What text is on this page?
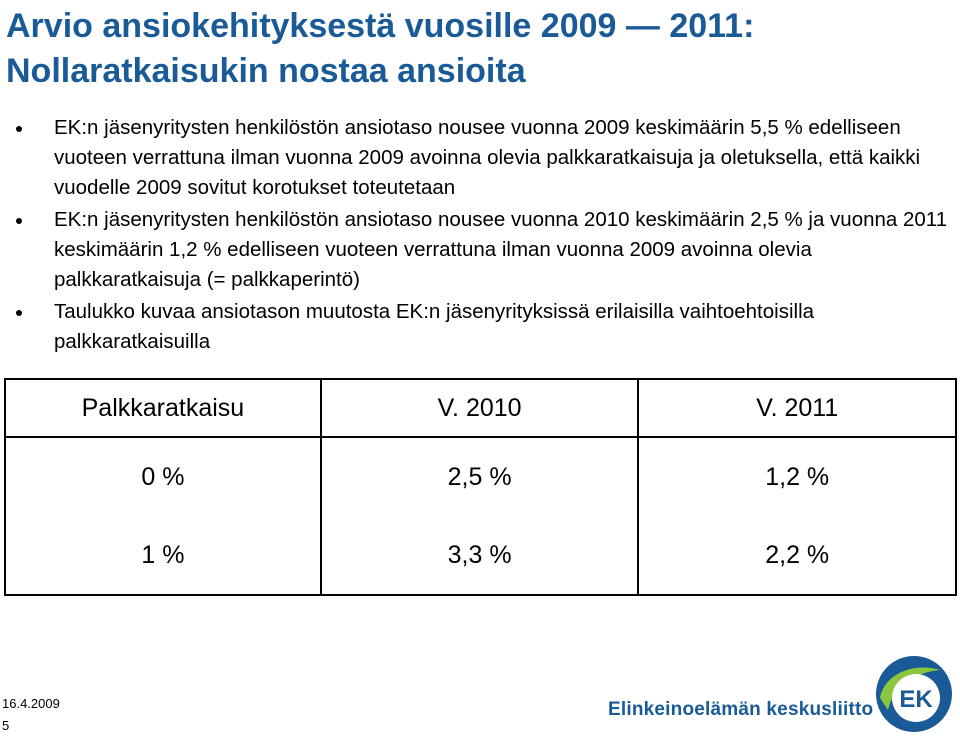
Arvio ansiokehityksestä vuosille 2009 — 2011:
Nollaratkaisukin nostaa ansioita
EK:n jäsenyritysten henkilöstön ansiotaso nousee vuonna 2009 keskimäärin 5,5 % edelliseen vuoteen verrattuna ilman vuonna 2009 avoinna olevia palkkaratkaisuja ja oletuksella, että kaikki vuodelle 2009 sovitut korotukset toteutetaan
EK:n jäsenyritysten henkilöstön ansiotaso nousee vuonna 2010 keskimäärin 2,5 % ja vuonna 2011 keskimäärin 1,2 % edelliseen vuoteen verrattuna ilman vuonna 2009 avoinna olevia palkkaratkaisuja (= palkkaperintö)
Taulukko kuvaa ansiotason muutosta EK:n jäsenyrityksissä erilaisilla vaihtoehtoisilla palkkaratkaisuilla
Palkkaratkaisu	V. 2010	V. 2011
0 %	2,5 %	1,2 %
1 %	3,3 %	2,2 %
16.4.2009
5
Elinkeinoelämän keskusliitto EK
